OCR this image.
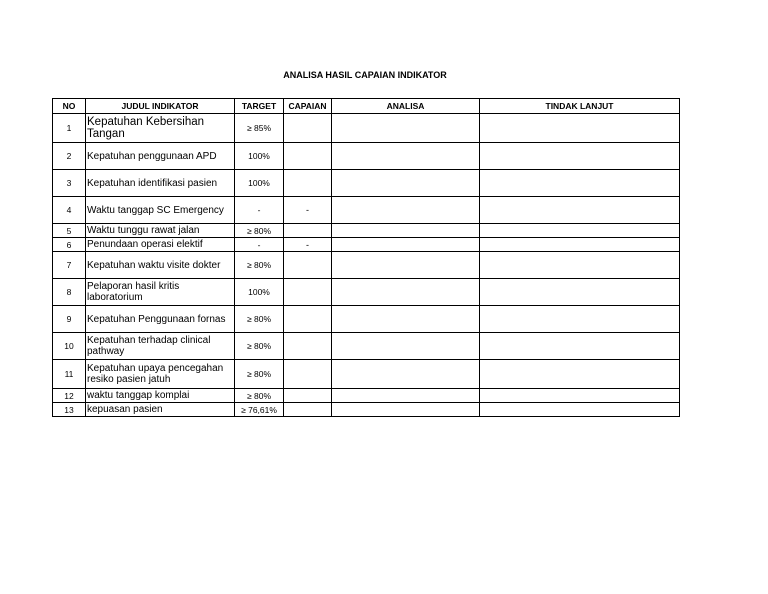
ANALISA HASIL CAPAIAN INDIKATOR
NO	JUDUL INDIKATOR	TARGET	CAPAIAN	ANALISA	TINDAK LANJUT
1	Kepatuhan Kebersihan Tangan	≥ 85%			
2	Kepatuhan penggunaan APD	100%			
3	Kepatuhan identifikasi pasien	100%			
4	Waktu tanggap SC Emergency	-	-		
5	Waktu tunggu rawat jalan	≥ 80%			
6	Penundaan operasi elektif	-	-		
7	Kepatuhan waktu visite dokter	≥ 80%			
8	Pelaporan hasil kritis laboratorium	100%			
9	Kepatuhan Penggunaan fornas	≥ 80%			
10	Kepatuhan terhadap clinical pathway	≥ 80%			
11	Kepatuhan upaya pencegahan resiko pasien jatuh	≥ 80%			
12	waktu tanggap komplai	≥ 80%			
13	kepuasan pasien	≥ 76,61%			
